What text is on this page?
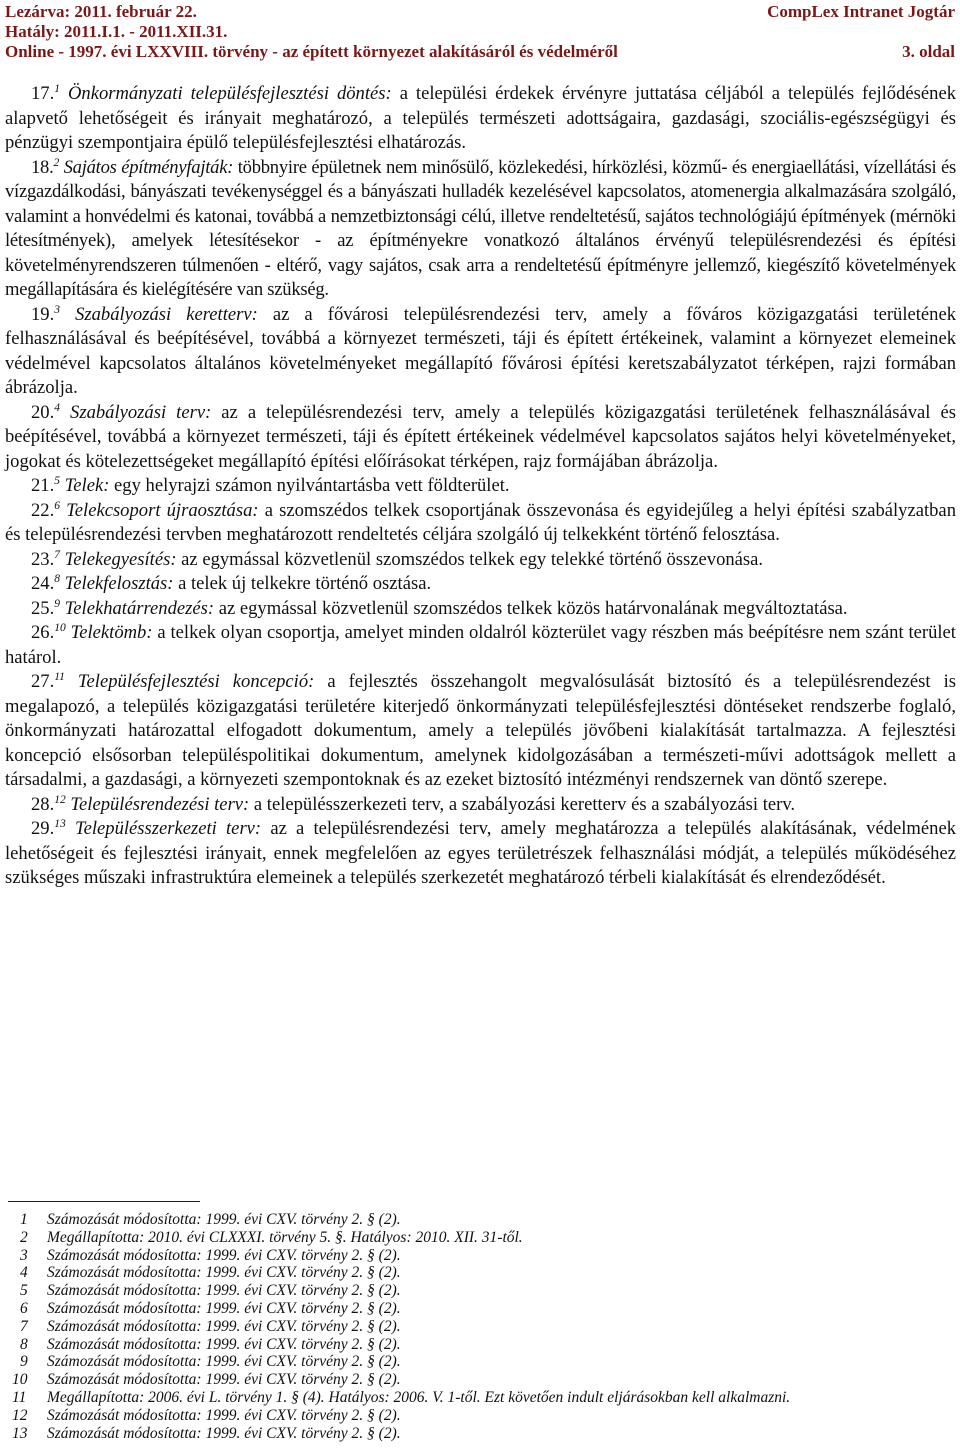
Lezárva: 2011. február 22.	CompLex Intranet Jogtár
Hatály: 2011.I.1. - 2011.XII.31.
Online - 1997. évi LXXVIII. törvény - az épített környezet alakításáról és védelméről	3. oldal

17.$^1$ Önkormányzati településfejlesztési döntés: a települési érdekek érvényre juttatása céljából a település fejlődésének alapvető lehetőségeit és irányait meghatározó, a település természeti adottságaira, gazdasági, szociális-egészségügyi és pénzügyi szempontjaira épülő településfejlesztési elhatározás.

18.$^2$ Sajátos építményfajták: többnyire épületnek nem minősülő, közlekedési, hírközlési, közmű- és energiaellátási, vízellátási és vízgazdálkodási, bányászati tevékenységgel és a bányászati hulladék kezelésével kapcsolatos, atomenergia alkalmazására szolgáló, valamint a honvédelmi és katonai, továbbá a nemzetbiztonsági célú, illetve rendeltetésű, sajátos technológiájú építmények (mérnöki létesítmények), amelyek létesítésekor - az építményekre vonatkozó általános érvényű településrendezési és építési követelményrendszeren túlmenően - eltérő, vagy sajátos, csak arra a rendeltetésű építményre jellemző, kiegészítő követelmények megállapítására és kielégítésére van szükség.

19.$^3$ Szabályozási keretterv: az a fővárosi településrendezési terv, amely a főváros közigazgatási területének felhasználásával és beépítésével, továbbá a környezet természeti, táji és épített értékeinek, valamint a környezet elemeinek védelmével kapcsolatos általános követelményeket megállapító fővárosi építési keretszabályzatot térképen, rajzi formában ábrázolja.

20.$^4$ Szabályozási terv: az a településrendezési terv, amely a település közigazgatási területének felhasználásával és beépítésével, továbbá a környezet természeti, táji és épített értékeinek védelmével kapcsolatos sajátos helyi követelményeket, jogokat és kötelezettségeket megállapító építési előírásokat térképen, rajz formájában ábrázolja.

21.$^5$ Telek: egy helyrajzi számon nyilvántartásba vett földterület.

22.$^6$ Telekcsoport újraosztása: a szomszédos telkek csoportjának összevonása és egyidejűleg a helyi építési szabályzatban és településrendezési tervben meghatározott rendeltetés céljára szolgáló új telkekként történő felosztása.

23.$^7$ Telekegyesítés: az egymással közvetlenül szomszédos telkek egy telekké történő összevonása.

24.$^8$ Telekfelosztás: a telek új telkekre történő osztása.

25.$^9$ Telekhatárrendezés: az egymással közvetlenül szomszédos telkek közös határvonalának megváltoztatása.

26.10 Telektömb: a telkek olyan csoportja, amelyet minden oldalról közterület vagy részben más beépítésre nem szánt terület határol.

27.11 Településfejlesztési koncepció: a fejlesztés összehangolt megvalósulását biztosító és a településrendezést is megalapozó, a település közigazgatási területére kiterjedő önkormányzati településfejlesztési döntéseket rendszerbe foglaló, önkormányzati határozattal elfogadott dokumentum, amely a település jövőbeni kialakítását tartalmazza. A fejlesztési koncepció elsősorban településpolitikai dokumentum, amelynek kidolgozásában a természeti-művi adottságok mellett a társadalmi, a gazdasági, a környezeti szempontoknak és az ezeket biztosító intézményi rendszernek van döntő szerepe.

28.12 Településrendezési terv: a településszerkezeti terv, a szabályozási keretterv és a szabályozási terv.

29.13 Településszerkezeti terv: az a településrendezési terv, amely meghatározza a település alakításának, védelmének lehetőségeit és fejlesztési irányait, ennek megfelelően az egyes területrészek felhasználási módját, a település működéséhez szükséges műszaki infrastruktúra elemeinek a település szerkezetét meghatározó térbeli kialakítását és elrendeződését.

1	Számozását módosította: 1999. évi CXV. törvény 2. § (2).
2	Megállapította: 2010. évi CLXXXI. törvény 5. §. Hatályos: 2010. XII. 31-től.
3	Számozását módosította: 1999. évi CXV. törvény 2. § (2).
4	Számozását módosította: 1999. évi CXV. törvény 2. § (2).
5	Számozását módosította: 1999. évi CXV. törvény 2. § (2).
6	Számozását módosította: 1999. évi CXV. törvény 2. § (2).
7	Számozását módosította: 1999. évi CXV. törvény 2. § (2).
8	Számozását módosította: 1999. évi CXV. törvény 2. § (2).
9	Számozását módosította: 1999. évi CXV. törvény 2. § (2).
10 Számozását módosította: 1999. évi CXV. törvény 2. § (2).
11 Megállapította: 2006. évi L. törvény 1. § (4). Hatályos: 2006. V. 1-től. Ezt követően indult eljárásokban kell alkalmazni.
12 Számozását módosította: 1999. évi CXV. törvény 2. § (2).
13 Számozását módosította: 1999. évi CXV. törvény 2. § (2).
